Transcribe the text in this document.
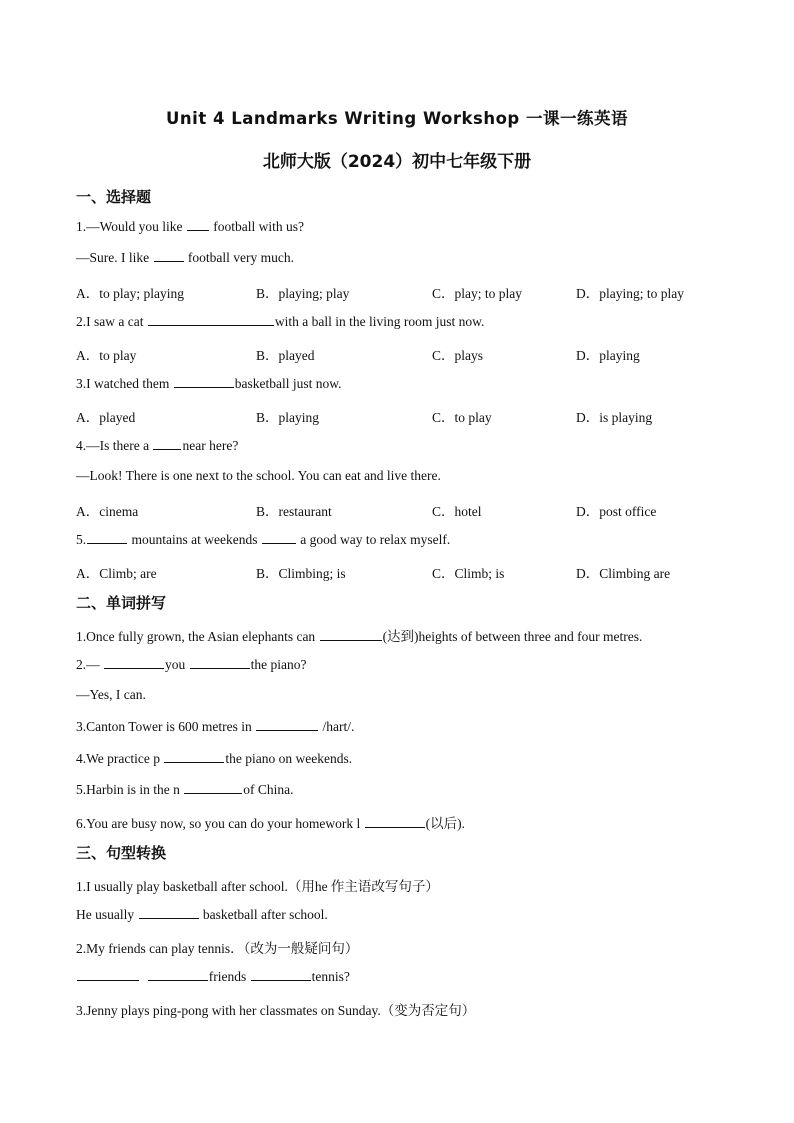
Unit 4 Landmarks Writing Workshop 一课一练英语
北师大版（2024）初中七年级下册
一、选择题
1.—Would you like  football with us?
—Sure. I like  football very much.
A．to play; playing	B．playing; play	C．play; to play	D．playing; to play
2.I saw a cat	with a ball in the living room just now.
A．to play	B．played	C．plays	D．playing
3.I watched them	basketball just now.
A．played	B．playing	C．to play	D．is playing
4.—Is there a near here?
—Look! There is one next to the school. You can eat and live there.
A．cinema	B．restaurant	C．hotel	D．post office
5.	mountains at weekends	a good way to relax myself.
A．Climb; are	B．Climbing; is	C．Climb; is	D．Climbing are
二、单词拼写
1.Once fully grown, the Asian elephants can	(达到)heights of between three and four metres.
2.—	you	the piano?
—Yes, I can.
3.Canton Tower is 600 metres in	/hart/.
4.We practice p	the piano on weekends.
5.Harbin is in the n	of China.
6.You are busy now, so you can do your homework l	(以后).
三、句型转换
1.I usually play basketball after school.（用he 作主语改写句子）
He usually	basketball after school.
2.My friends can play tennis．（改为一般疑问句）
friends	tennis?
3.Jenny plays ping-pong with her classmates on Sunday.（变为否定句）
